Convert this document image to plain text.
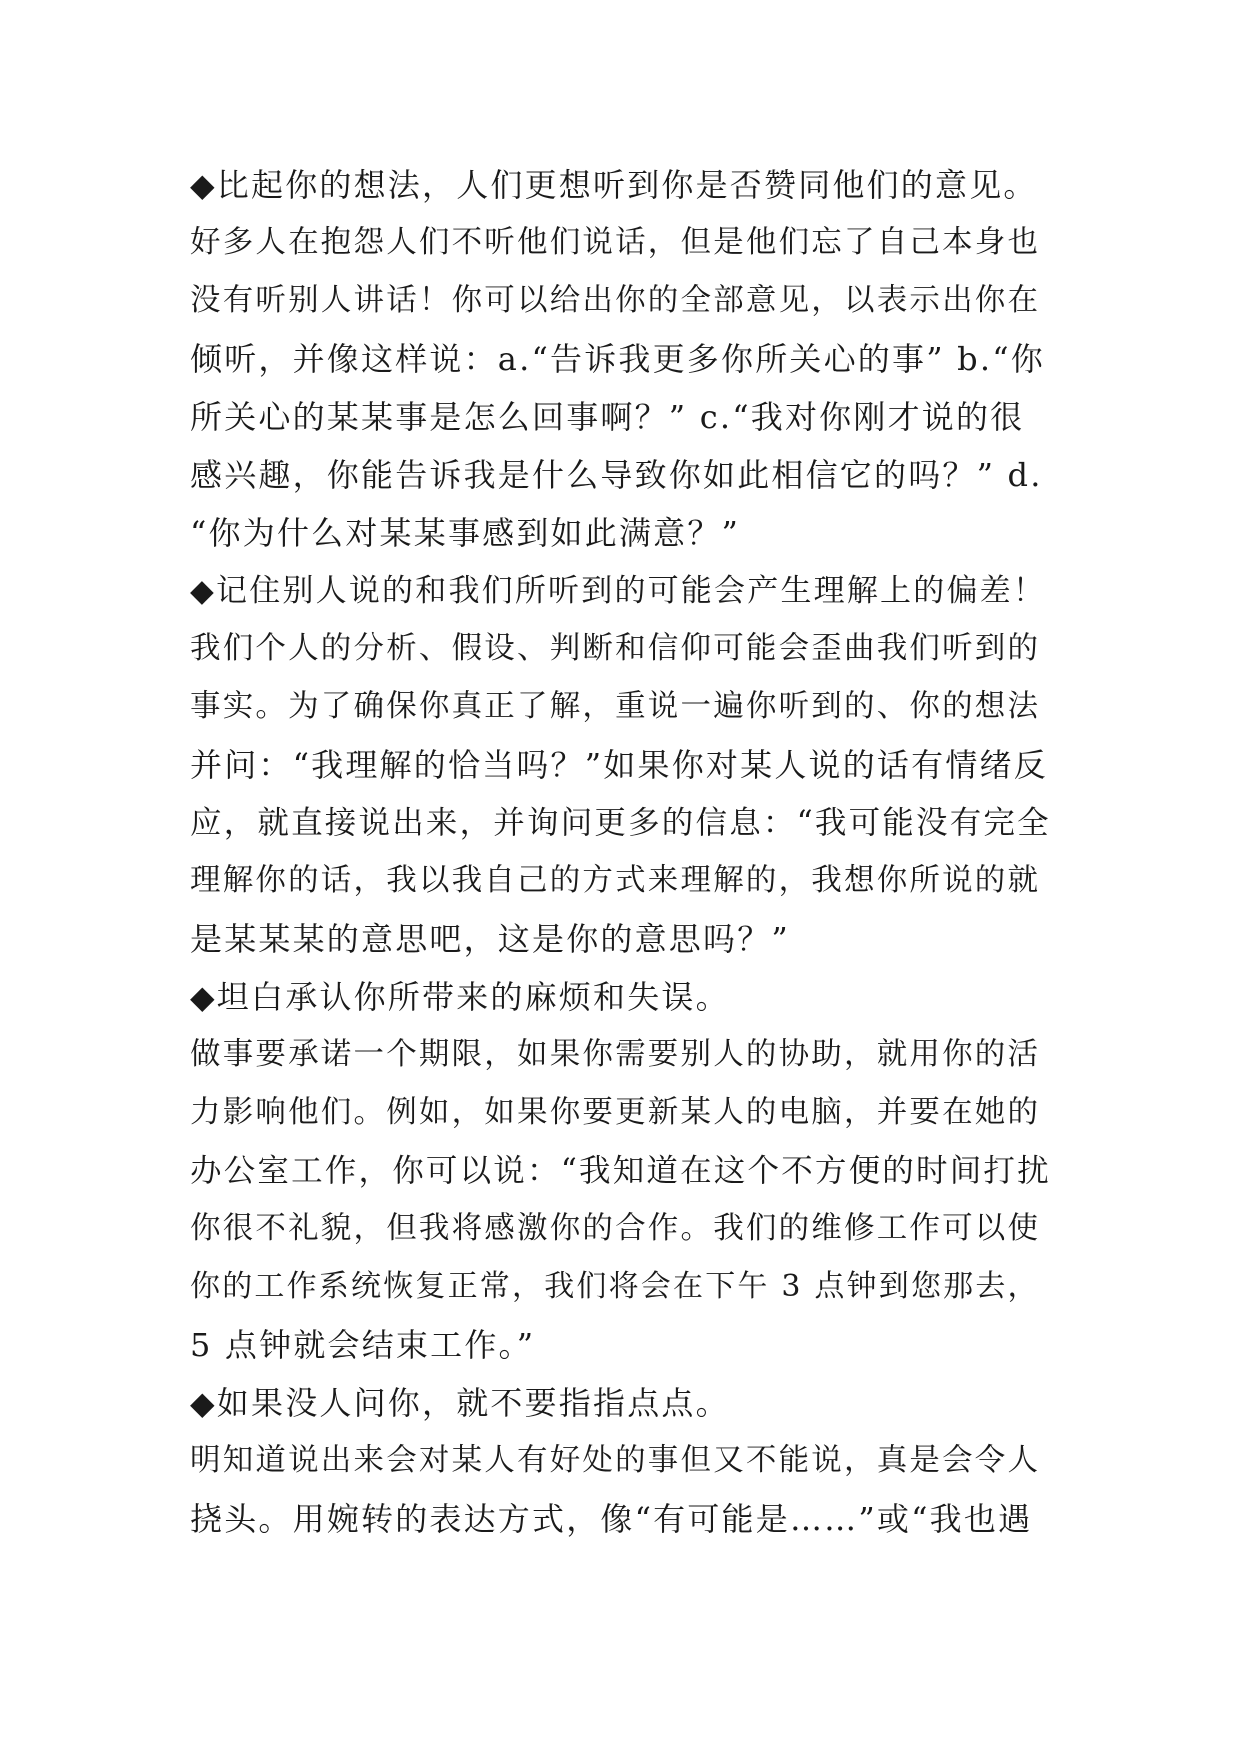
◆比起你的想法，人们更想听到你是否赞同他们的意见。
好多人在抱怨人们不听他们说话，但是他们忘了自己本身也
没有听别人讲话！你可以给出你的全部意见，以表示出你在
倾听，并像这样说：a.“告诉我更多你所关心的事” b.“你
所关心的某某事是怎么回事啊？” c.“我对你刚才说的很
感兴趣，你能告诉我是什么导致你如此相信它的吗？” d.
“你为什么对某某事感到如此满意？”
◆记住别人说的和我们所听到的可能会产生理解上的偏差！
我们个人的分析、假设、判断和信仰可能会歪曲我们听到的
事实。为了确保你真正了解，重说一遍你听到的、你的想法
并问：“我理解的恰当吗？”如果你对某人说的话有情绪反
应，就直接说出来，并询问更多的信息：“我可能没有完全
理解你的话，我以我自己的方式来理解的，我想你所说的就
是某某某的意思吧，这是你的意思吗？”
◆坦白承认你所带来的麻烦和失误。
做事要承诺一个期限，如果你需要别人的协助，就用你的活
力影响他们。例如，如果你要更新某人的电脑，并要在她的
办公室工作，你可以说：“我知道在这个不方便的时间打扰
你很不礼貌，但我将感激你的合作。我们的维修工作可以使
你的工作系统恢复正常，我们将会在下午 3 点钟到您那去，
5 点钟就会结束工作。”
◆如果没人问你，就不要指指点点。
明知道说出来会对某人有好处的事但又不能说，真是会令人
挠头。用婉转的表达方式，像“有可能是……”或“我也遇
